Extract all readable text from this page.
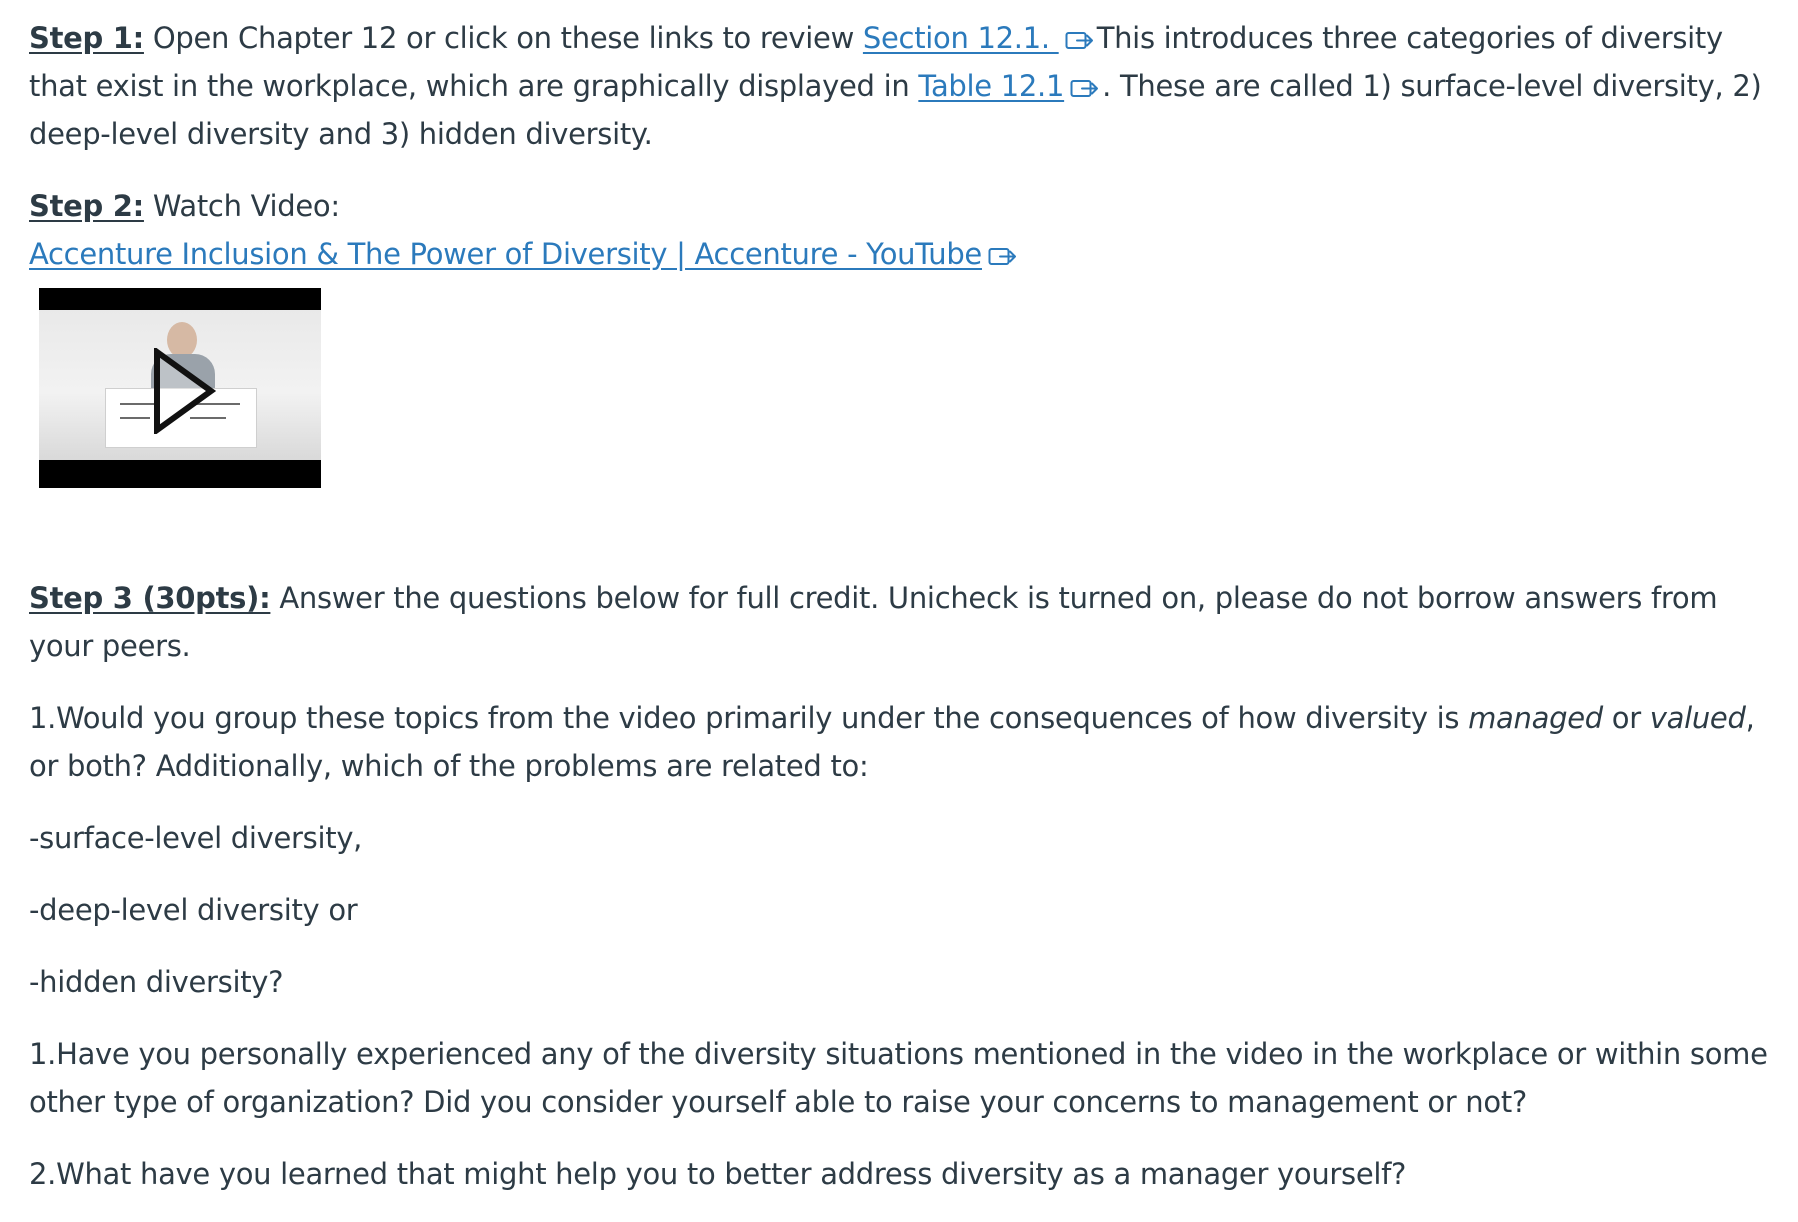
Step 1: Open Chapter 12 or click on these links to review Section 12.1.
This introduces three categories of diversity that exist in the workplace, which are graphically displayed in Table 12.1 . These are called 1) surface-level diversity, 2) deep-level diversity and 3) hidden diversity.

Step 2: Watch Video:
Accenture Inclusion & The Power of Diversity | Accenture - YouTube

Step 3 (30pts): Answer the questions below for full credit. Unicheck is turned on, please do not borrow answers from your peers.

1.Would you group these topics from the video primarily under the consequences of how diversity is managed or valued, or both? Additionally, which of the problems are related to:

-surface-level diversity,

-deep-level diversity or

-hidden diversity?

1.Have you personally experienced any of the diversity situations mentioned in the video in the workplace or within some other type of organization? Did you consider yourself able to raise your concerns to management or not?

2.What have you learned that might help you to better address diversity as a manager yourself?
